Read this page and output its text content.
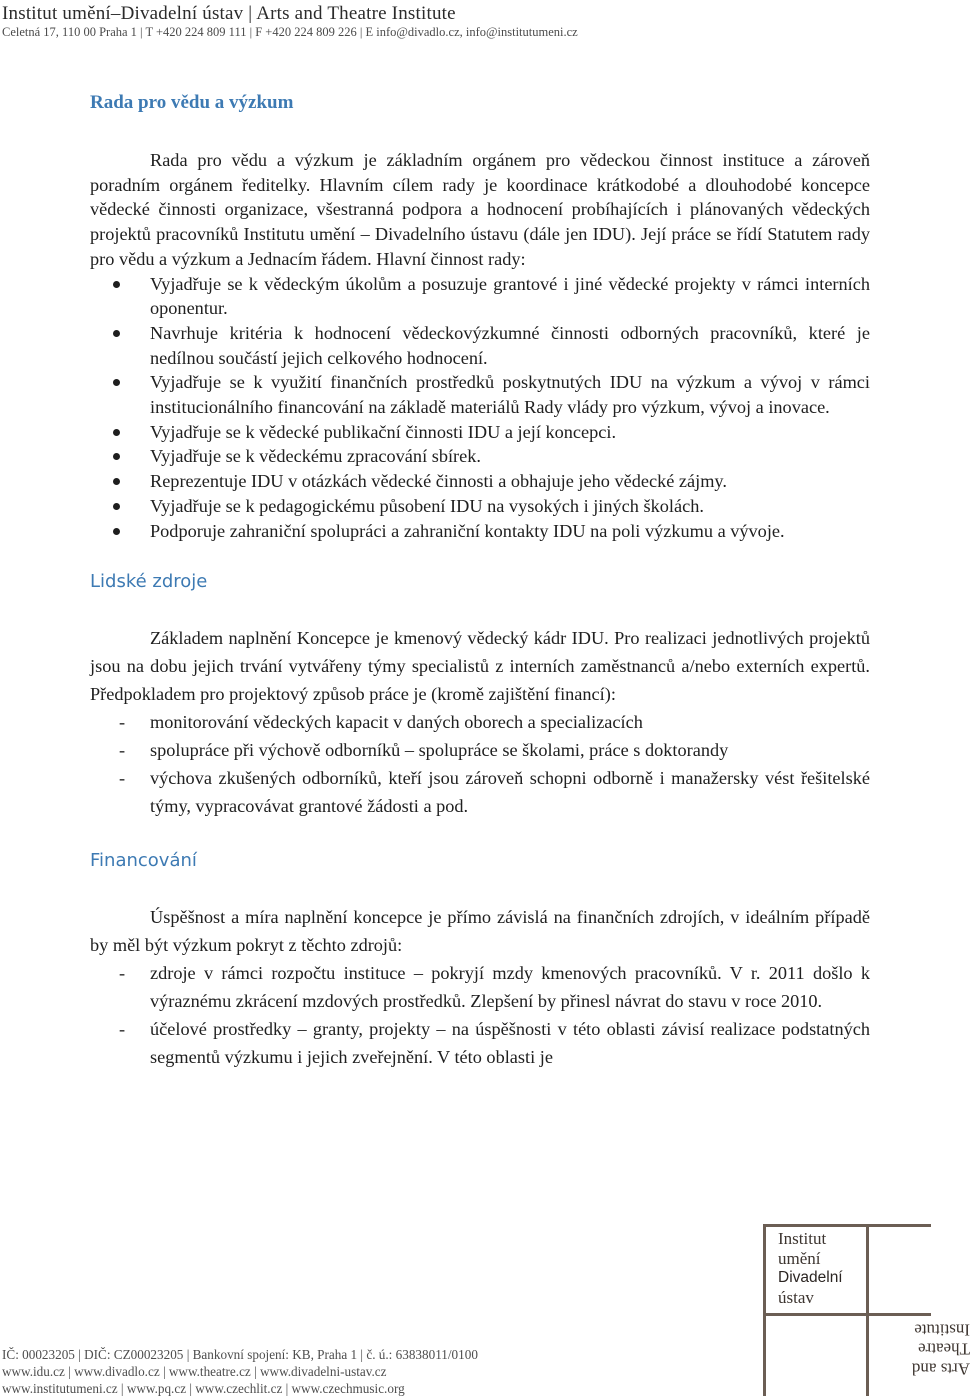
Institut umění–Divadelní ústav | Arts and Theatre Institute
Celetná 17, 110 00 Praha 1 | T +420 224 809 111 | F +420 224 809 226 | E info@divadlo.cz, info@institutumeni.cz
Rada pro vědu a výzkum

Rada pro vědu a výzkum je základním orgánem pro vědeckou činnost instituce a zároveň poradním orgánem ředitelky. Hlavním cílem rady je koordinace krátkodobé a dlouhodobé koncepce vědecké činnosti organizace, všestranná podpora a hodnocení probíhajících i plánovaných vědeckých projektů pracovníků Institutu umění – Divadelního ústavu (dále jen IDU). Její práce se řídí Statutem rady pro vědu a výzkum a Jednacím řádem. Hlavní činnost rady:

Vyjadřuje se k vědeckým úkolům a posuzuje grantové i jiné vědecké projekty v rámci interních oponentur.
Navrhuje kritéria k hodnocení vědeckovýzkumné činnosti odborných pracovníků, které je nedílnou součástí jejich celkového hodnocení.
Vyjadřuje se k využití finančních prostředků poskytnutých IDU na výzkum a vývoj v rámci institucionálního financování na základě materiálů Rady vlády pro výzkum, vývoj a inovace.
Vyjadřuje se k vědecké publikační činnosti IDU a její koncepci.
Vyjadřuje se k vědeckému zpracování sbírek.
Reprezentuje IDU v otázkách vědecké činnosti a obhajuje jeho vědecké zájmy.
Vyjadřuje se k pedagogickému působení IDU na vysokých i jiných školách.
Podporuje zahraniční spolupráci a zahraniční kontakty IDU na poli výzkumu a vývoje.
Lidské zdroje

Základem naplnění Koncepce je kmenový vědecký kádr IDU. Pro realizaci jednotlivých projektů jsou na dobu jejich trvání vytvářeny týmy specialistů z interních zaměstnanců a/nebo externích expertů. Předpokladem pro projektový způsob práce je (kromě zajištění financí):

- monitorování vědeckých kapacit v daných oborech a specializacích
- spolupráce při výchově odborníků – spolupráce se školami, práce s doktorandy
- výchova zkušených odborníků, kteří jsou zároveň schopni odborně i manažersky vést řešitelské týmy, vypracovávat grantové žádosti a pod.
Financování

Úspěšnost a míra naplnění koncepce je přímo závislá na finančních zdrojích, v ideálním případě by měl být výzkum pokryt z těchto zdrojů:

- zdroje v rámci rozpočtu instituce – pokryjí mzdy kmenových pracovníků. V r. 2011 došlo k výraznému zkrácení mzdových prostředků. Zlepšení by přinesl návrat do stavu v roce 2010.
- účelové prostředky – granty, projekty – na úspěšnosti v této oblasti závisí realizace podstatných segmentů výzkumu i jejich zveřejnění. V této oblasti je
Institut
umění
Divadelní
ústav
Arts and
Theatre
Institute
IČ: 00023205 | DIČ: CZ00023205 | Bankovní spojení: KB, Praha 1 | č. ú.: 63838011/0100
www.idu.cz | www.divadlo.cz | www.theatre.cz | www.divadelni-ustav.cz
www.institutumeni.cz | www.pq.cz | www.czechlit.cz | www.czechmusic.org
